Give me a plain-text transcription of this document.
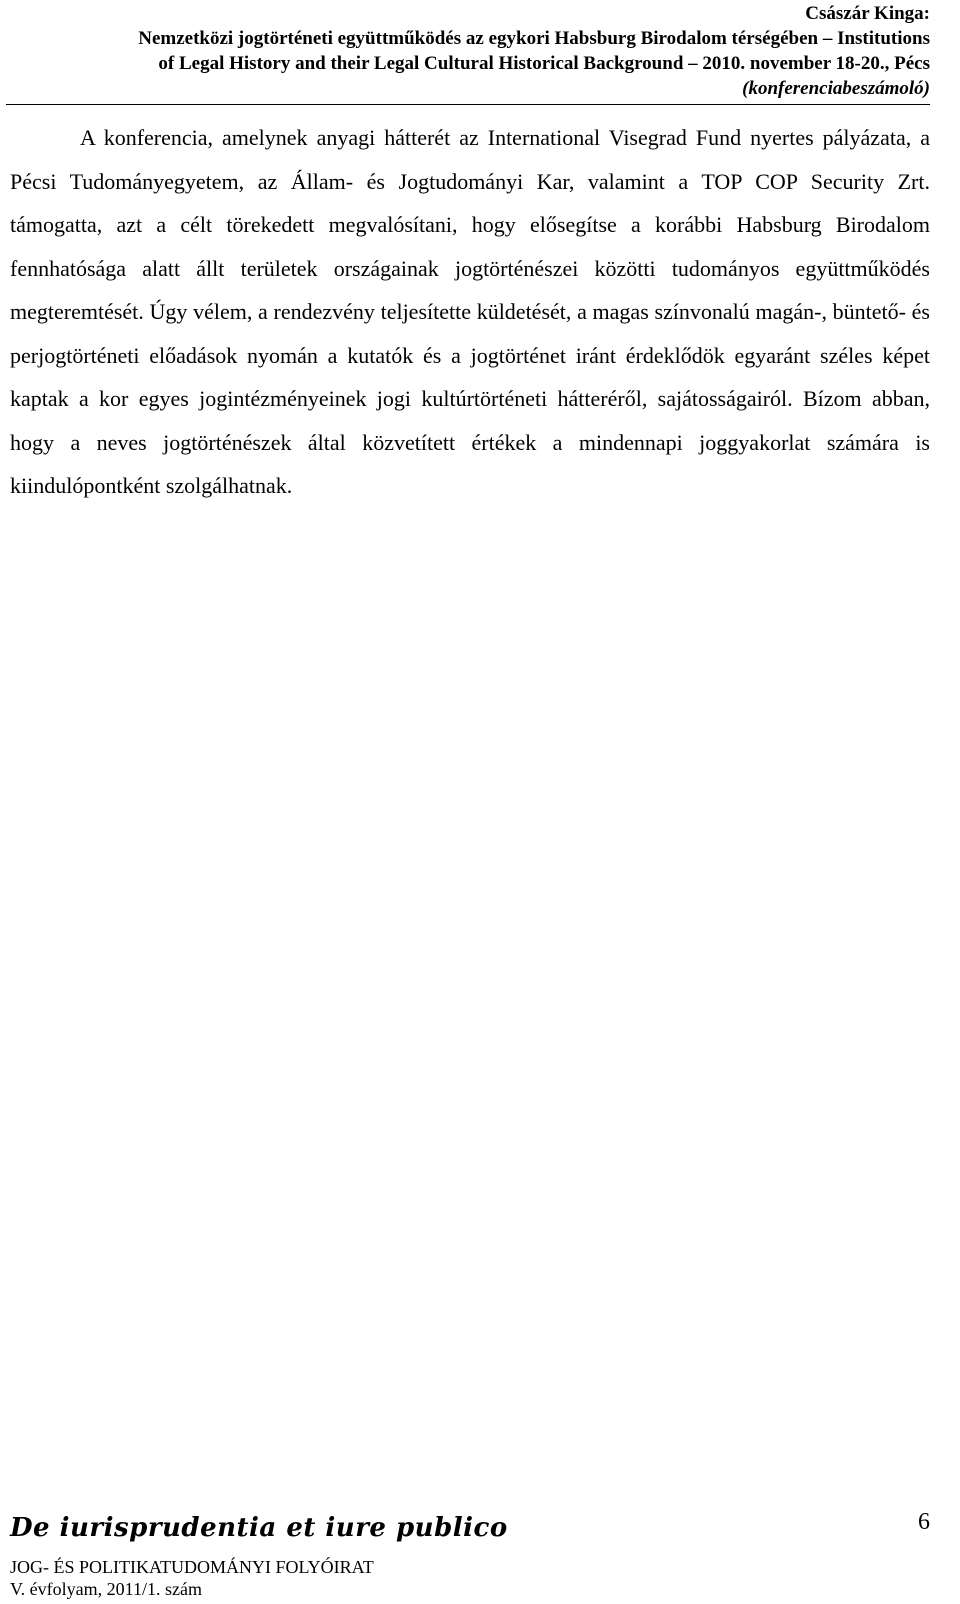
Császár Kinga:
Nemzetközi jogtörténeti együttműködés az egykori Habsburg Birodalom térségében – Institutions
of Legal History and their Legal Cultural Historical Background – 2010. november 18-20., Pécs
(konferenciabeszámoló)

A konferencia, amelynek anyagi hátterét az International Visegrad Fund nyertes pályázata, a Pécsi Tudományegyetem, az Állam- és Jogtudományi Kar, valamint a TOP COP Security Zrt. támogatta, azt a célt törekedett megvalósítani, hogy elősegítse a korábbi Habsburg Birodalom fennhatósága alatt állt területek országainak jogtörténészei közötti tudományos együttműködés megteremtését. Úgy vélem, a rendezvény teljesítette küldetését, a magas színvonalú magán-, büntető- és perjogtörténeti előadások nyomán a kutatók és a jogtörténet iránt érdeklődök egyaránt széles képet kaptak a kor egyes jogintézményeinek jogi kultúrtörténeti hátteréről, sajátosságairól. Bízom abban, hogy a neves jogtörténészek által közvetített értékek a mindennapi joggyakorlat számára is kiindulópontként szolgálhatnak.

De iurisprudentia et iure publico
JOG- ÉS POLITIKATUDOMÁNYI FOLYÓIRAT
V. évfolyam, 2011/1. szám
6
